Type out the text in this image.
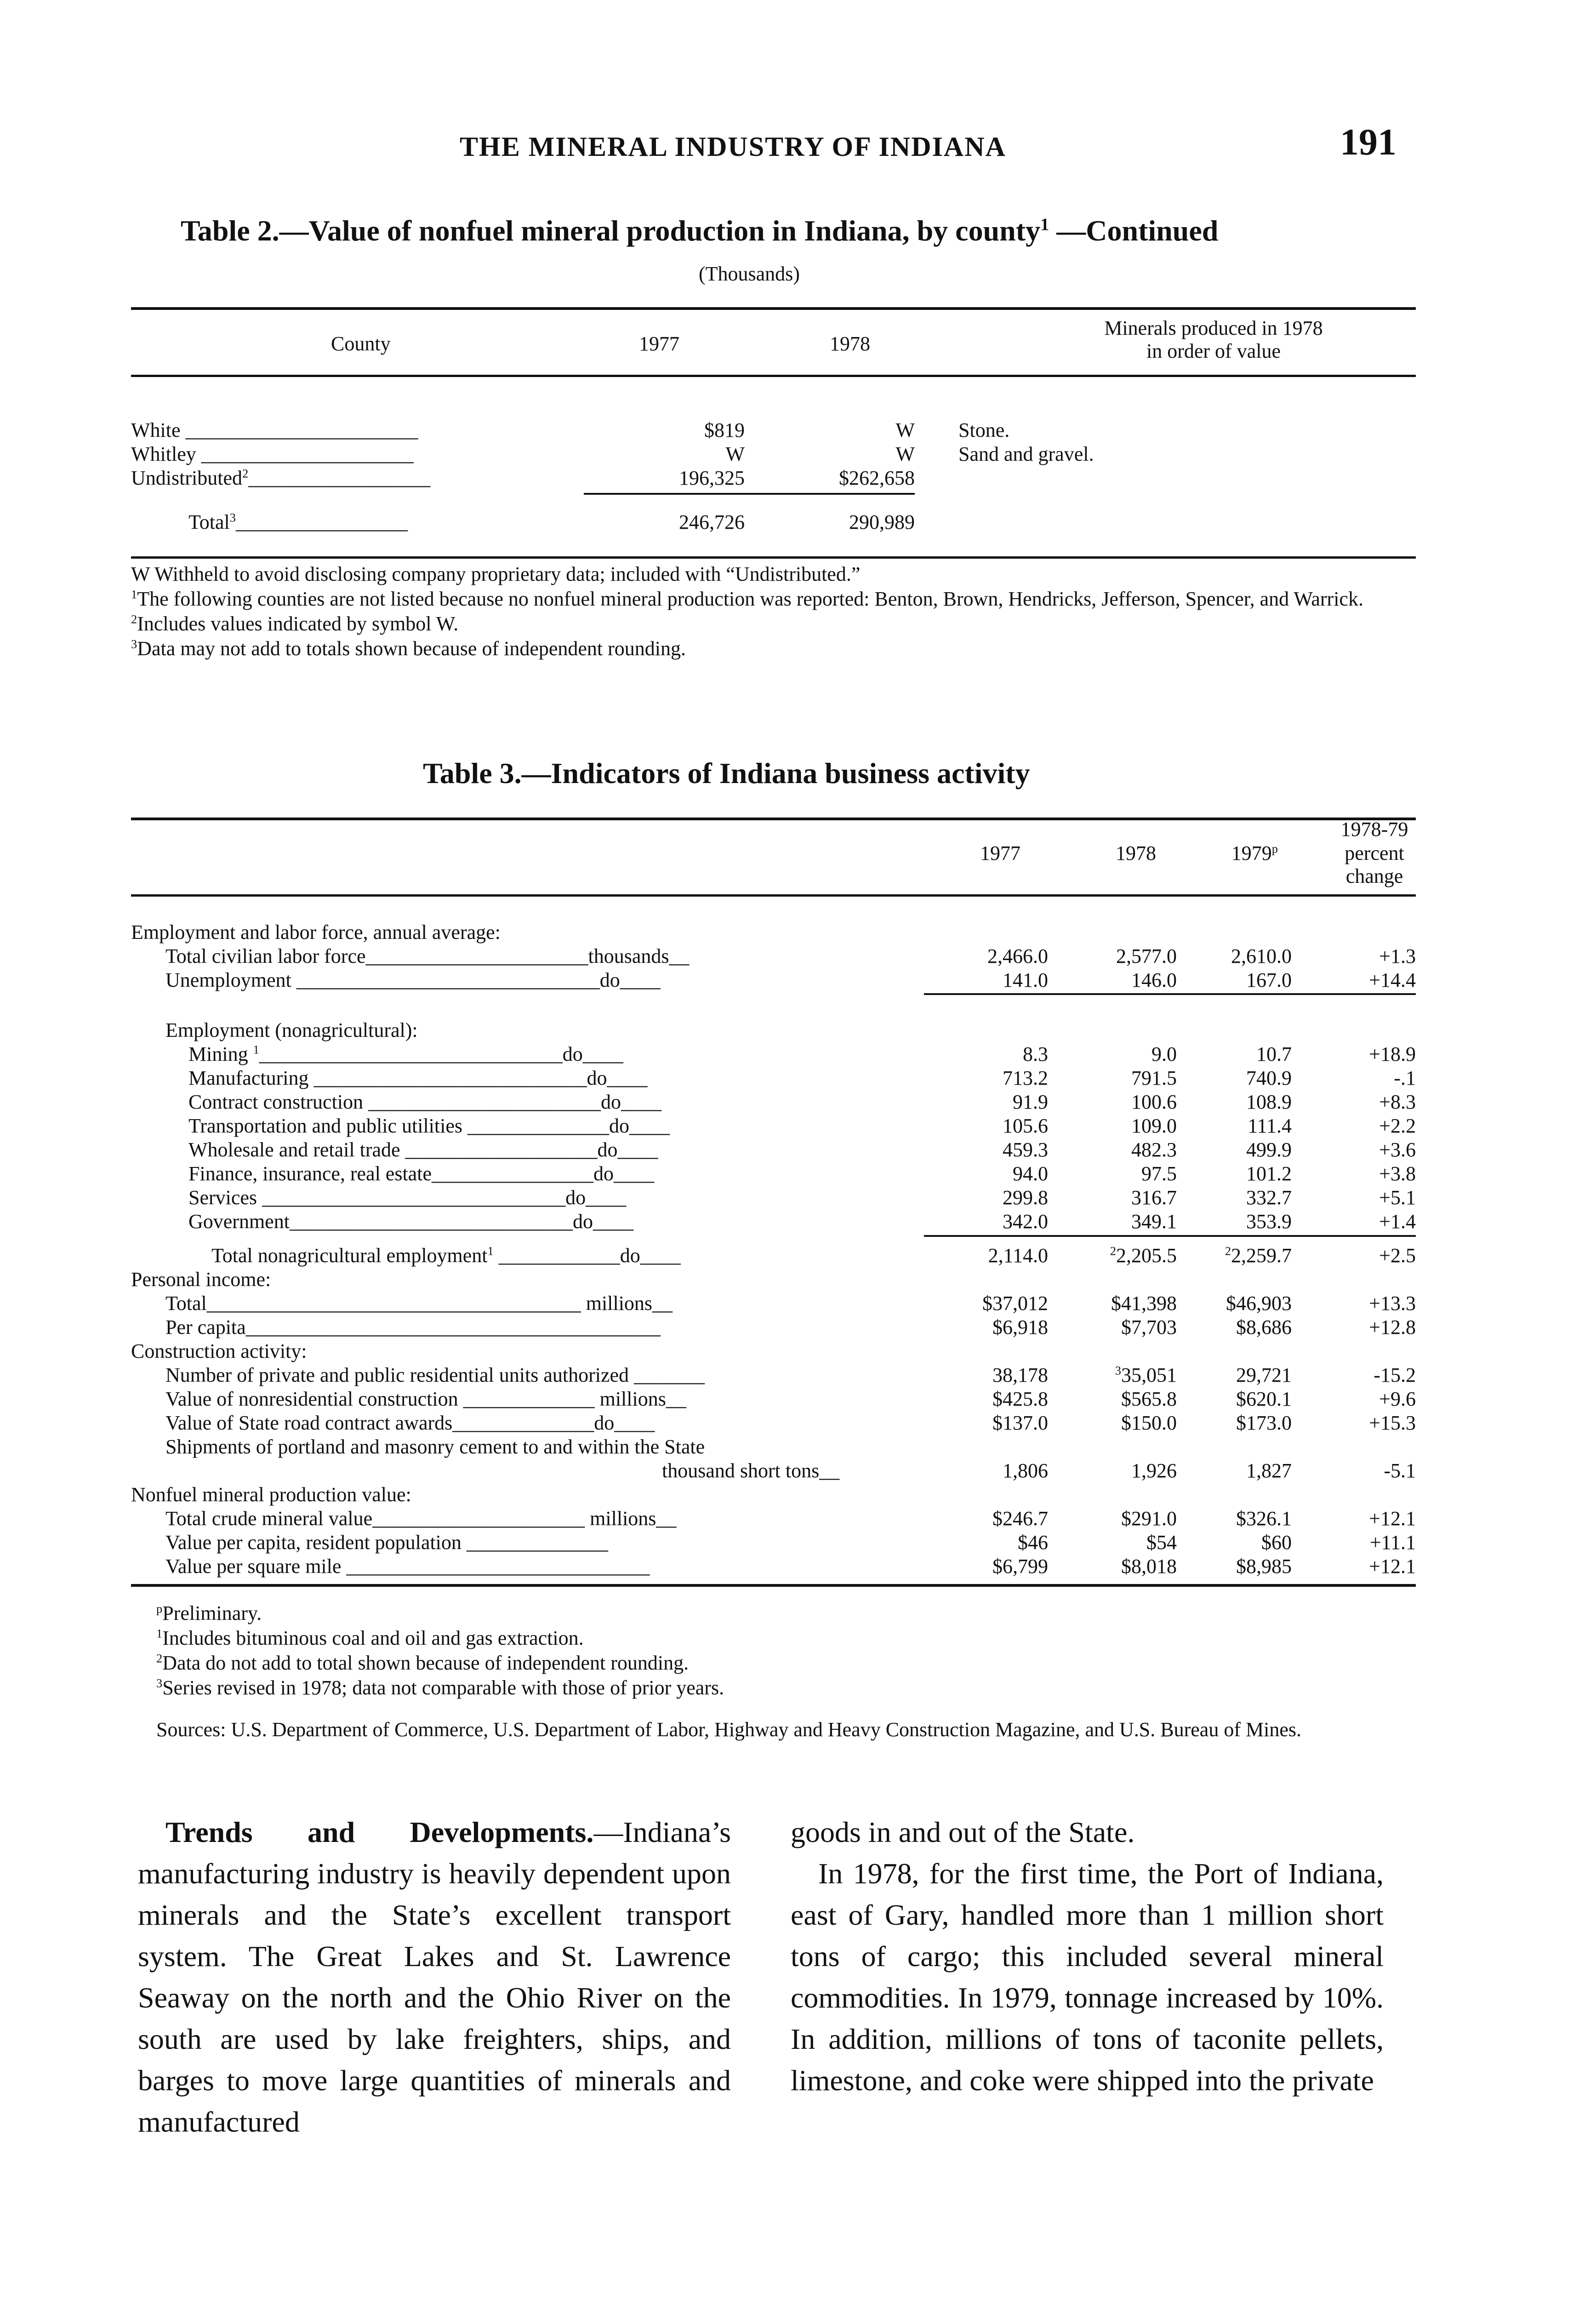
THE MINERAL INDUSTRY OF INDIANA	191
Table 2.—Value of nonfuel mineral production in Indiana, by county$^1$ —Continued
(Thousands)
County	1977	1978
Minerals produced in 1978
in order of value
White _______________________	$819	W Stone.
Whitley _____________________	W	W Sand and gravel.
Undistributed$^2$__________________	196,325	$262,658
Total$^3$_________________	246,726	290,989
W Withheld to avoid disclosing company proprietary data; included with “Undistributed.”
$^1$The following counties are not listed because no nonfuel mineral production was reported: Benton, Brown, Hendricks, Jefferson, Spencer, and Warrick.
$^2$Includes values indicated by symbol W.
$^3$Data may not add to totals shown because of independent rounding.
Table 3.—Indicators of Indiana business activity
1977	1978	1979$^p$
1978-79
percent
change
Employment and labor force, annual average:
Total civilian labor force______________________thousands__	2,466.0	2,577.0	2,610.0	+1.3
Unemployment ______________________________do____	141.0	146.0	167.0	+14.4
Employment (nonagricultural):
Mining $^1$______________________________do____	8.3	9.0	10.7	+18.9
Manufacturing ___________________________do____	713.2	791.5	740.9	-.1
Contract construction _______________________do____	91.9	100.6	108.9	+8.3
Transportation and public utilities ______________do____	105.6	109.0	111.4	+2.2
Wholesale and retail trade ___________________do____	459.3	482.3	499.9	+3.6
Finance, insurance, real estate________________do____	94.0	97.5	101.2	+3.8
Services ______________________________do____	299.8	316.7	332.7	+5.1
Government____________________________do____	342.0	349.1	353.9	+1.4
Total nonagricultural employment$^1$ ____________do____	2,114.0	$^2$2,205.5	$^2$2,259.7	+2.5
Personal income:
Total_____________________________________ millions__	$37,012	$41,398	$46,903	+13.3
Per capita_________________________________________	$6,918	$7,703	$8,686	+12.8
Construction activity:
Number of private and public residential units authorized _______	38,178	$^3$35,051	29,721	-15.2
Value of nonresidential construction _____________ millions__	$425.8	$565.8	$620.1	+9.6
Value of State road contract awards______________do____	$137.0	$150.0	$173.0	+15.3
Shipments of portland and masonry cement to and within the State
thousand short tons__	1,806	1,926	1,827	-5.1
Nonfuel mineral production value:
Total crude mineral value_____________________ millions__	$246.7	$291.0	$326.1	+12.1
Value per capita, resident population ______________	$46	$54	$60	+11.1
Value per square mile ______________________________	$6,799	$8,018	$8,985	+12.1
$^p$Preliminary.
$^1$Includes bituminous coal and oil and gas extraction.
$^2$Data do not add to total shown because of independent rounding.
$^3$Series revised in 1978; data not comparable with those of prior years.
Sources: U.S. Department of Commerce, U.S. Department of Labor, Highway and Heavy Construction Magazine, and U.S. Bureau of Mines.
Trends and Developments.—Indiana’s manufacturing industry is heavily dependent upon minerals and the State’s excellent transport system. The Great Lakes and St. Lawrence Seaway on the north and the Ohio River on the south are used by lake freighters, ships, and barges to move large quantities of minerals and manufactured
goods in and out of the State.
In 1978, for the first time, the Port of Indiana, east of Gary, handled more than 1 million short tons of cargo; this included several mineral commodities. In 1979, tonnage increased by 10%. In addition, millions of tons of taconite pellets, limestone, and coke were shipped into the private
